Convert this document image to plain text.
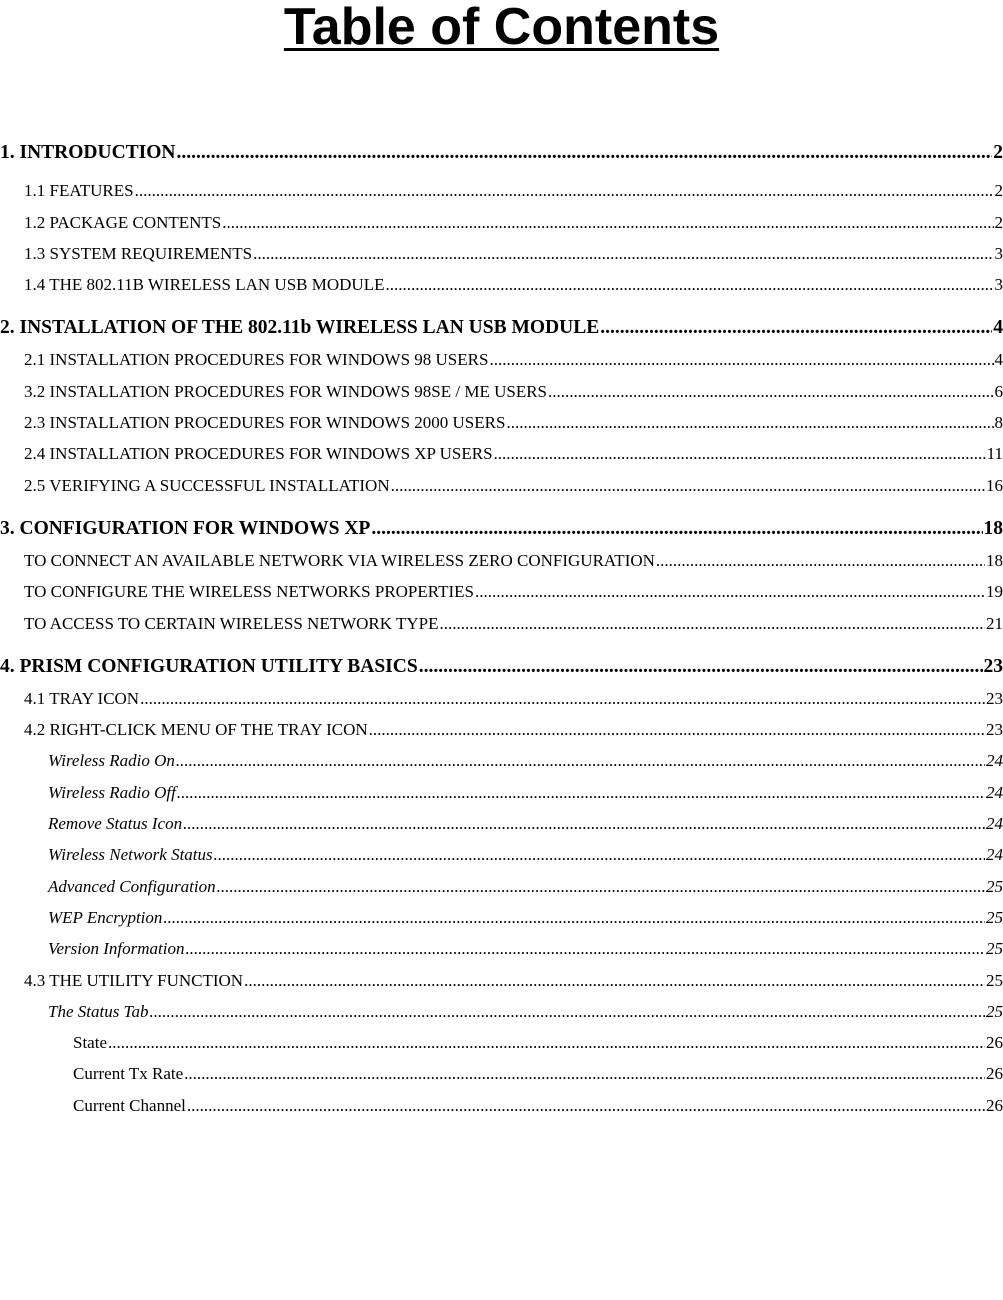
Table of Contents
1. INTRODUCTION .....	2
1.1 FEATURES .....	2
1.2 PACKAGE CONTENTS .....	2
1.3 SYSTEM REQUIREMENTS .....	3
1.4 THE 802.11B WIRELESS LAN USB MODULE .....	3
2. INSTALLATION OF THE 802.11b WIRELESS LAN USB MODULE .....	4
2.1 INSTALLATION PROCEDURES FOR WINDOWS 98 USERS .....	4
3.2 INSTALLATION PROCEDURES FOR WINDOWS 98SE / ME USERS .....	6
2.3 INSTALLATION PROCEDURES FOR WINDOWS 2000 USERS .....	8
2.4 INSTALLATION PROCEDURES FOR WINDOWS XP USERS .....	11
2.5 VERIFYING A SUCCESSFUL INSTALLATION .....	16
3. CONFIGURATION FOR WINDOWS XP .....	18
TO CONNECT AN AVAILABLE NETWORK VIA WIRELESS ZERO CONFIGURATION .....	18
TO CONFIGURE THE WIRELESS NETWORKS PROPERTIES .....	19
TO ACCESS TO CERTAIN WIRELESS NETWORK TYPE .....	21
4. PRISM CONFIGURATION UTILITY BASICS .....	23
4.1 TRAY ICON .....	23
4.2 RIGHT-CLICK MENU OF THE TRAY ICON .....	23
Wireless Radio On .....	24
Wireless Radio Off .....	24
Remove Status Icon .....	24
Wireless Network Status .....	24
Advanced Configuration .....	25
WEP Encryption .....	25
Version Information .....	25
4.3 THE UTILITY FUNCTION .....	25
The Status Tab .....	25
State .....	26
Current Tx Rate .....	26
Current Channel .....	26
